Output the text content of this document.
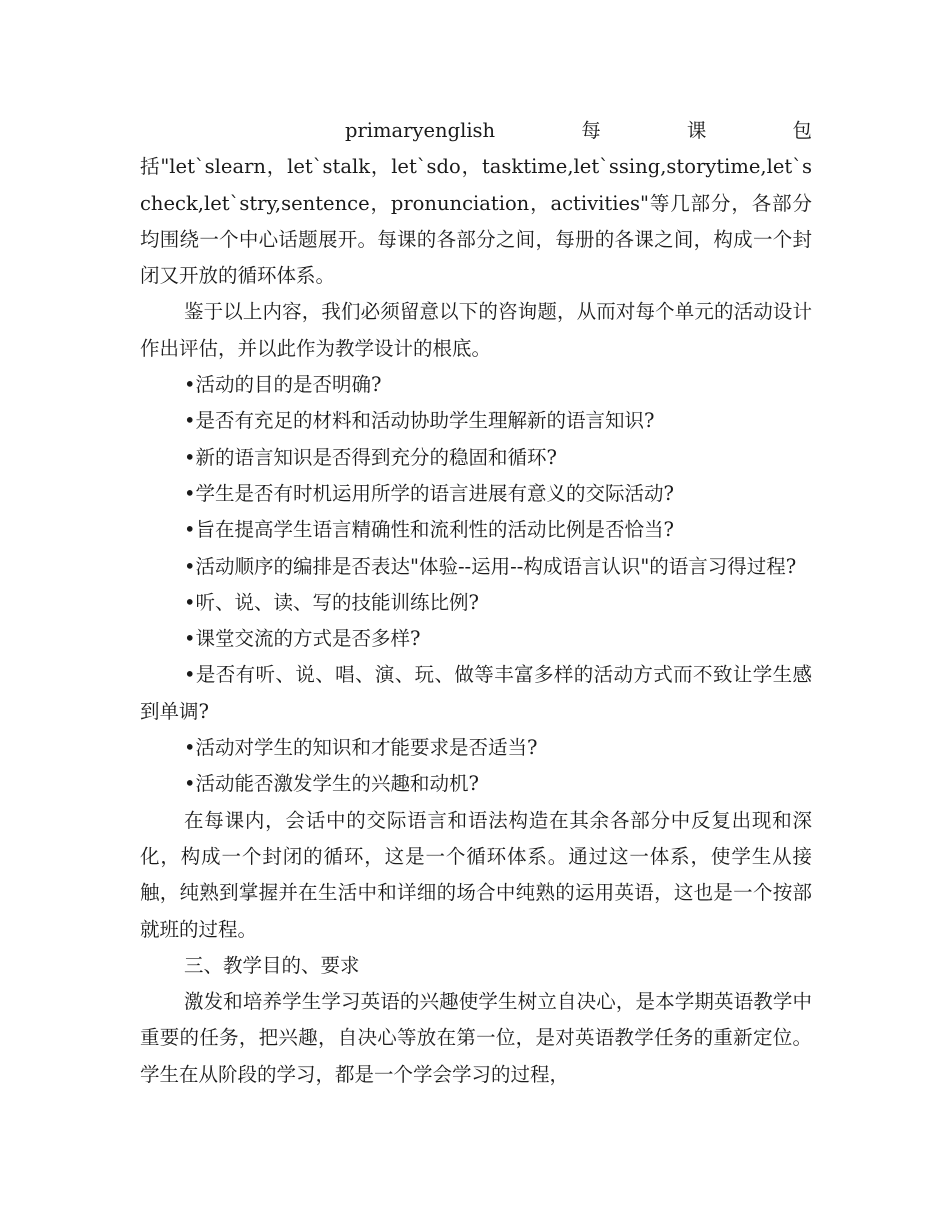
primaryenglish	每	课	包

括"let`slearn，let`stalk，let`sdo，tasktime,let`ssing,storytime,let`scheck,let`stry,sentence，pronunciation，activities"等几部分，各部分均围绕一个中心话题展开。每课的各部分之间，每册的各课之间，构成一个封闭又开放的循环体系。

鉴于以上内容，我们必须留意以下的咨询题，从而对每个单元的活动设计作出评估，并以此作为教学设计的根底。

•活动的目的是否明确?

•是否有充足的材料和活动协助学生理解新的语言知识?

•新的语言知识是否得到充分的稳固和循环?

•学生是否有时机运用所学的语言进展有意义的交际活动?

•旨在提高学生语言精确性和流利性的活动比例是否恰当?

•活动顺序的编排是否表达"体验--运用--构成语言认识"的语言习得过程?

•听、说、读、写的技能训练比例?

•课堂交流的方式是否多样?

•是否有听、说、唱、演、玩、做等丰富多样的活动方式而不致让学生感到单调?

•活动对学生的知识和才能要求是否适当?

•活动能否激发学生的兴趣和动机?

在每课内，会话中的交际语言和语法构造在其余各部分中反复出现和深化，构成一个封闭的循环，这是一个循环体系。通过这一体系，使学生从接触，纯熟到掌握并在生活中和详细的场合中纯熟的运用英语，这也是一个按部就班的过程。

三、教学目的、要求

激发和培养学生学习英语的兴趣使学生树立自决心，是本学期英语教学中重要的任务，把兴趣，自决心等放在第一位，是对英语教学任务的重新定位。学生在从阶段的学习，都是一个学会学习的过程，
